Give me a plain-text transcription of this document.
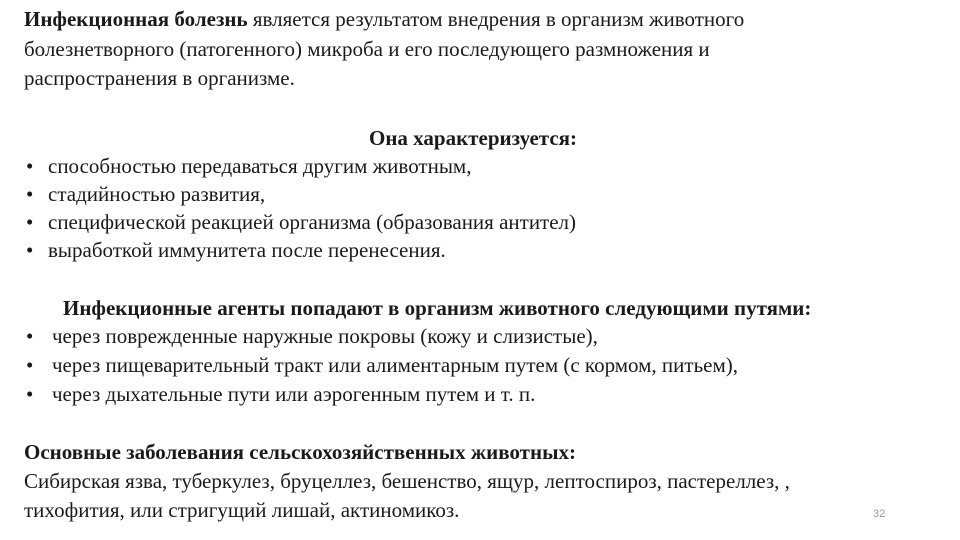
Инфекционная болезнь является результатом внедрения в организм животного
болезнетворного (патогенного) микроба и его последующего размножения и
распространения в организме.
Она характеризуется:
• способностью передаваться другим животным,
• стадийностью развития,
• специфической реакцией организма (образования антител)
• выработкой иммунитета после перенесения.
Инфекционные агенты попадают в организм животного следующими путями:
• через поврежденные наружные покровы (кожу и слизистые),
• через пищеварительный тракт или алиментарным путем (с кормом, питьем),
• через дыхательные пути или аэрогенным путем и т. п.
Основные заболевания сельскохозяйственных животных:
Сибирская язва, туберкулез, бруцеллез, бешенство, ящур, лептоспироз, пастереллез, ,
тихофития, или стригущий лишай, актиномикоз.	32
